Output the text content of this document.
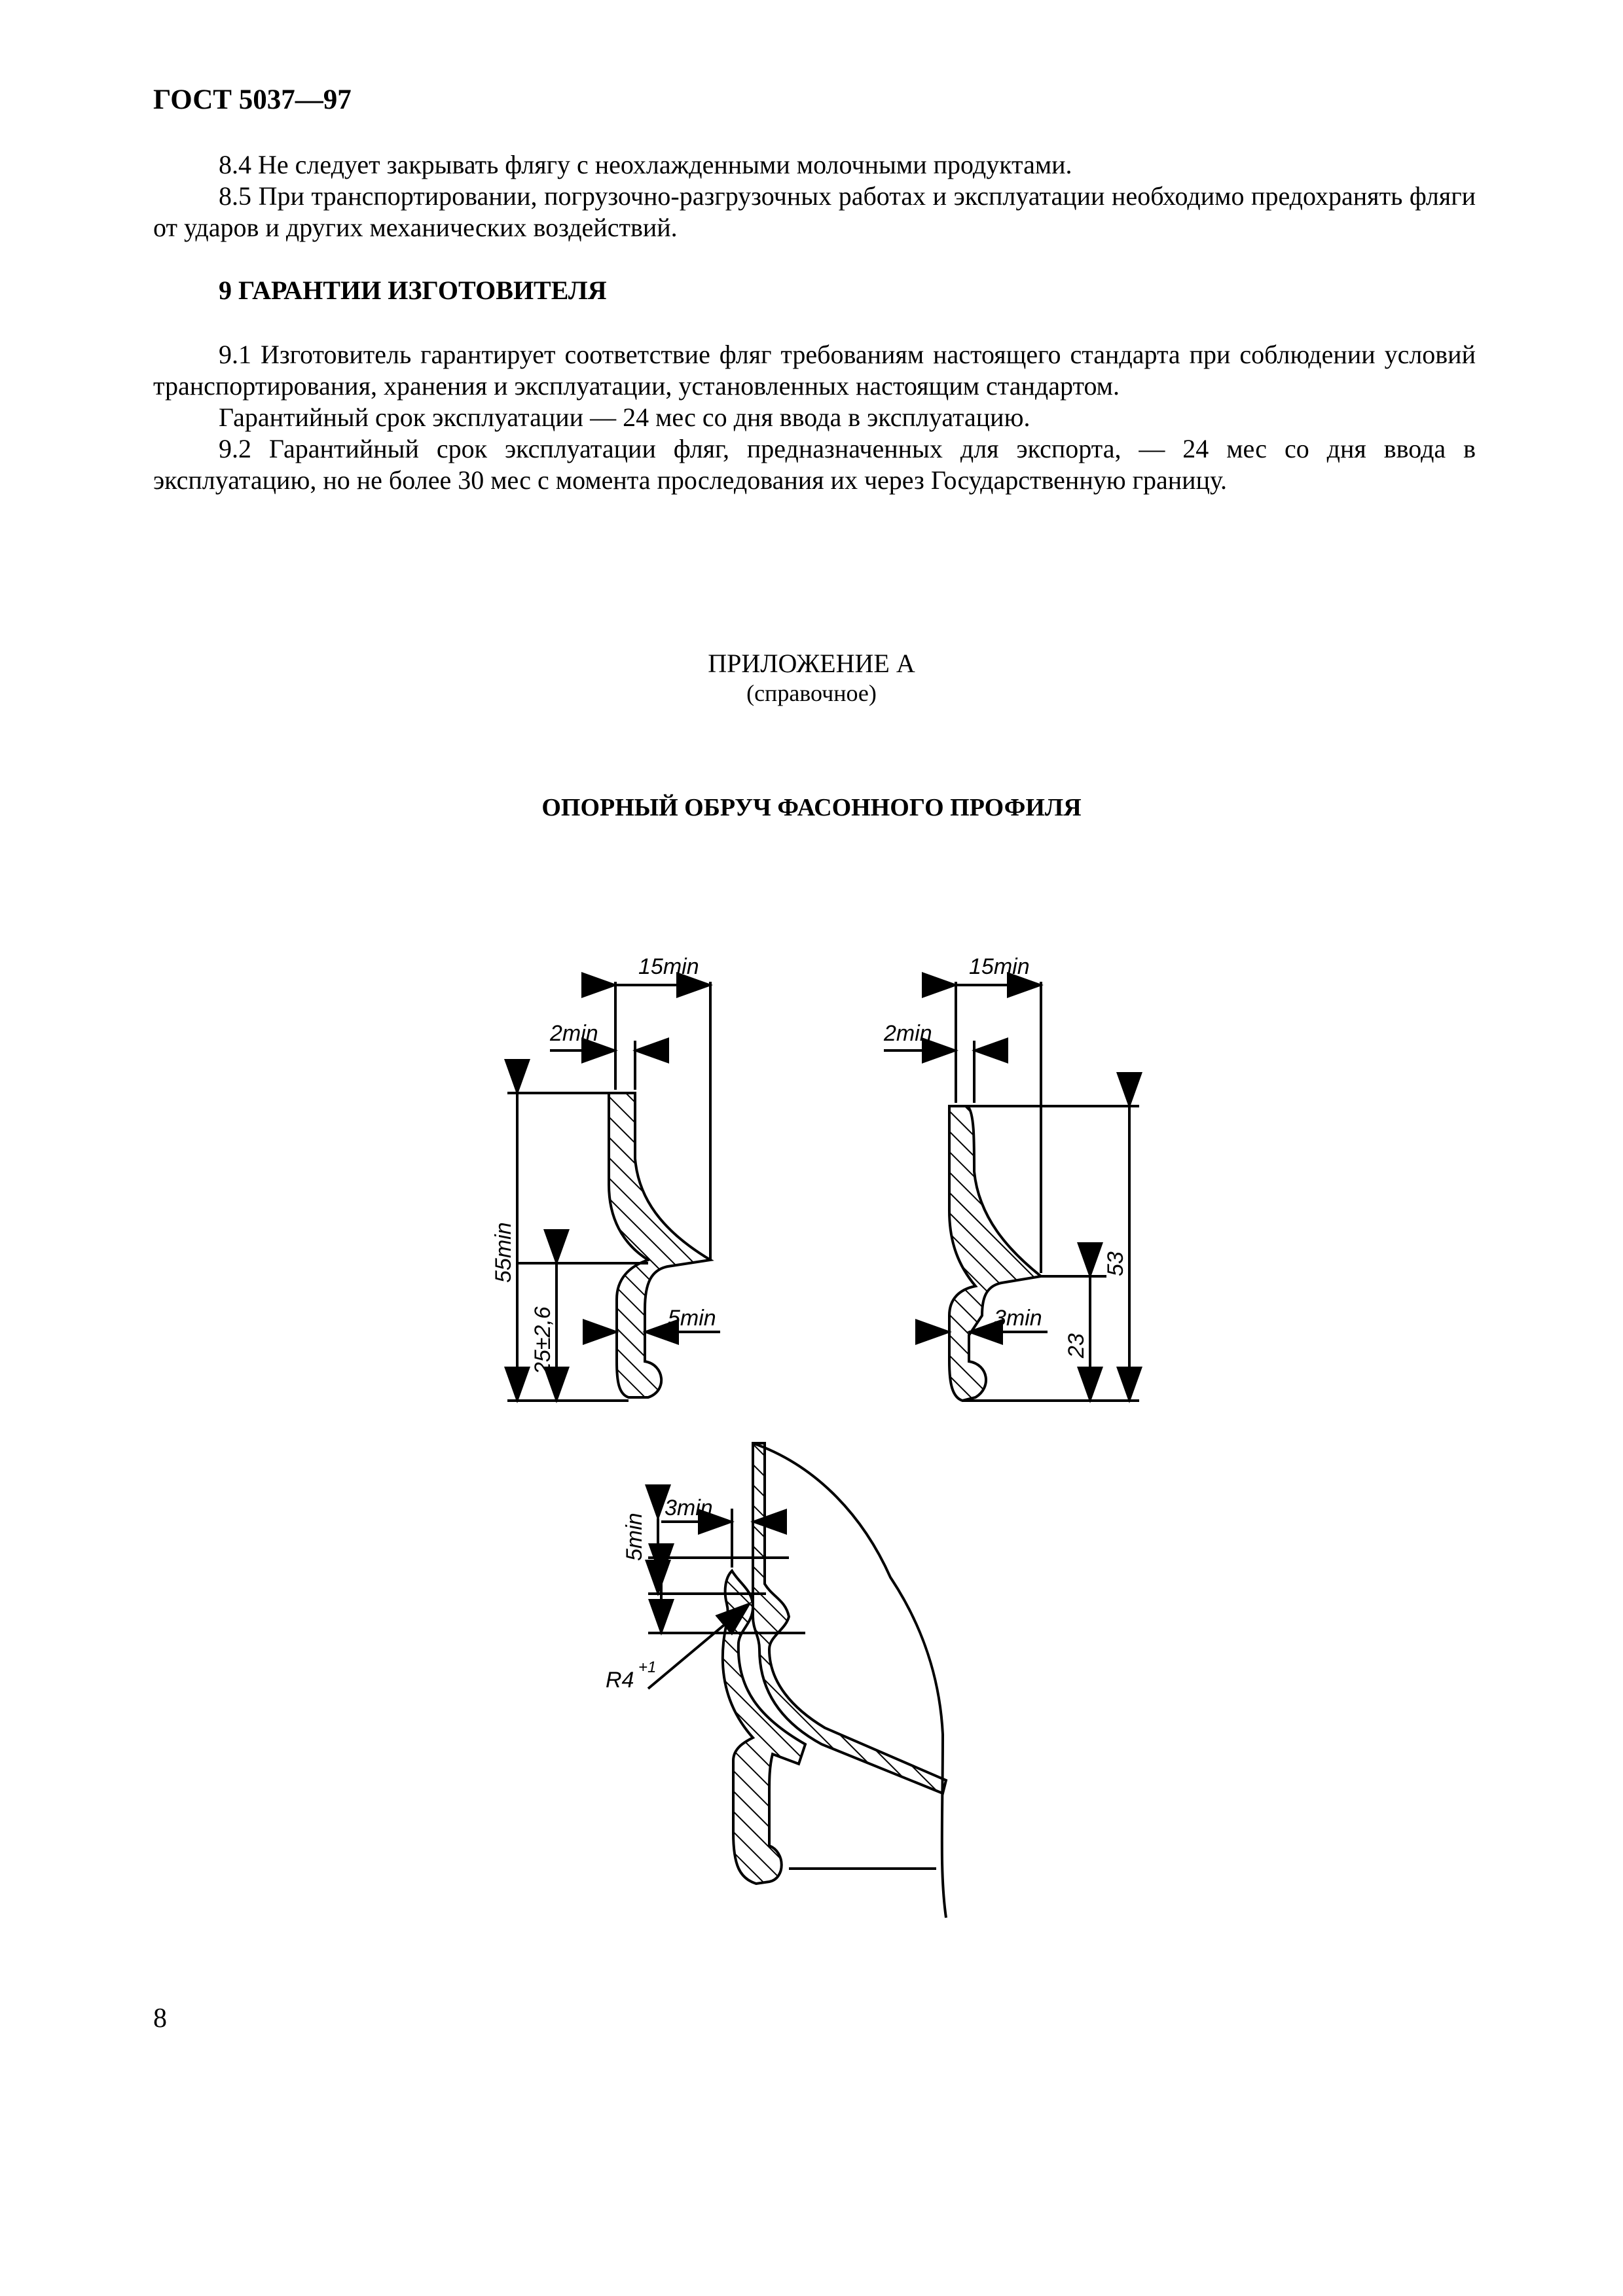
ГОСТ 5037—97

8.4 Не следует закрывать флягу с неохлажденными молочными продуктами.

8.5 При транспортировании, погрузочно-разгрузочных работах и эксплуатации необходимо предохранять фляги от ударов и других механических воздействий.

9 ГАРАНТИИ ИЗГОТОВИТЕЛЯ

9.1 Изготовитель гарантирует соответствие фляг требованиям настоящего стандарта при соблюдении условий транспортирования, хранения и эксплуатации, установленных настоящим стандартом.

Гарантийный срок эксплуатации — 24 мес со дня ввода в эксплуатацию.

9.2 Гарантийный срок эксплуатации фляг, предназначенных для экспорта, — 24 мес со дня ввода в эксплуатацию, но не более 30 мес с момента проследования их через Государственную границу.

ПРИЛОЖЕНИЕ А
(справочное)
ОПОРНЫЙ ОБРУЧ ФАСОННОГО ПРОФИЛЯ
15min
2min
5min
55min
25±2,6
15min
2min
3min
53
23
3min
5min
R4
+1
8
